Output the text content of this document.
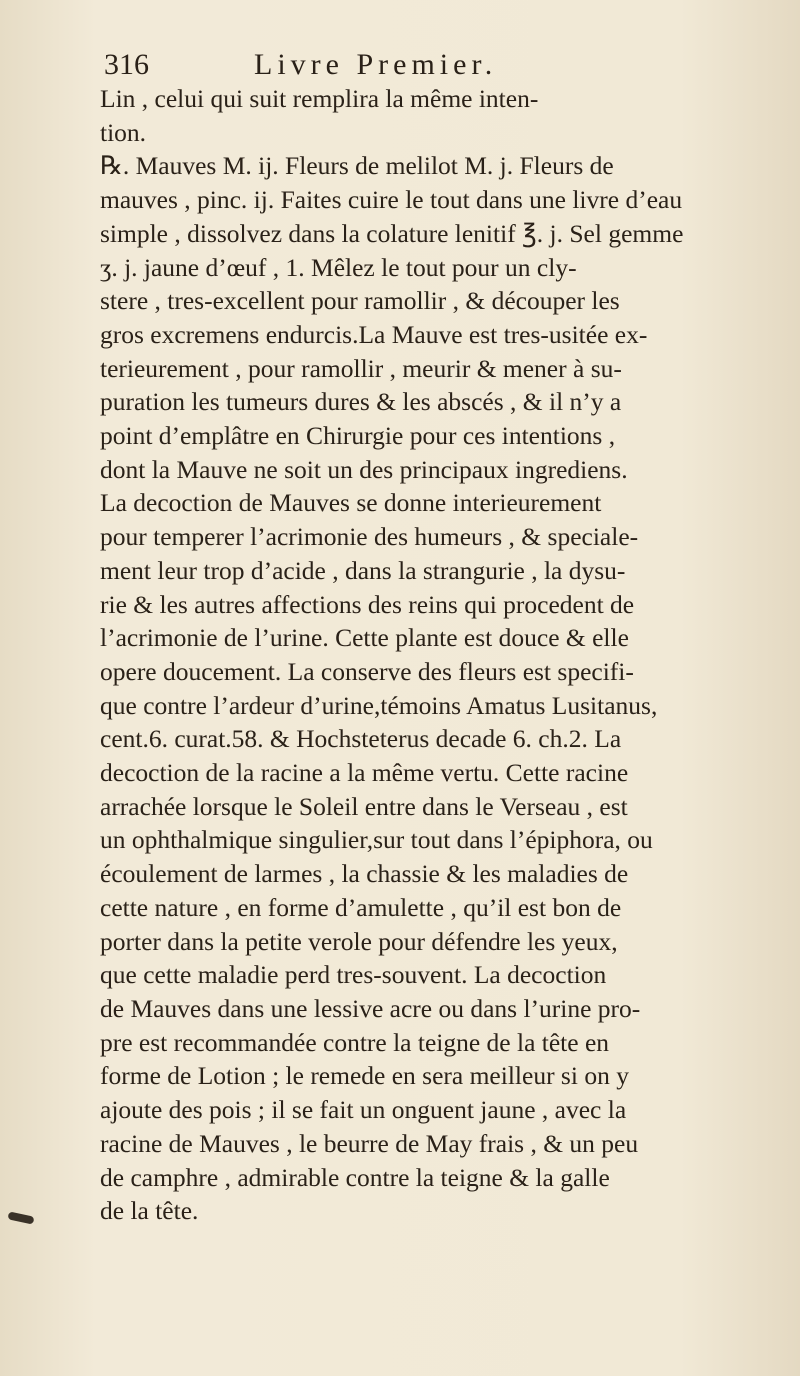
316	Livre Premier.
Lin , celui qui suit remplira la même inten-
tion.
℞. Mauves M. ij. Fleurs de melilot M. j. Fleurs de
mauves , pinc. ij. Faites cuire le tout dans une livre d’eau
simple , dissolvez dans la colature lenitif ℥. j. Sel gemme
ʒ. j. jaune d’œuf , 1. Mêlez le tout pour un cly-
stere , tres-excellent pour ramollir , & découper les
gros excremens endurcis.La Mauve est tres-usitée ex-
terieurement , pour ramollir , meurir & mener à su-
puration les tumeurs dures & les abscés , & il n’y a
point d’emplâtre en Chirurgie pour ces intentions ,
dont la Mauve ne soit un des principaux ingrediens.
La decoction de Mauves se donne interieurement
pour temperer l’acrimonie des humeurs , & speciale-
ment leur trop d’acide , dans la strangurie , la dysu-
rie & les autres affections des reins qui procedent de
l’acrimonie de l’urine. Cette plante est douce & elle
opere doucement. La conserve des fleurs est specifi-
que contre l’ardeur d’urine,témoins Amatus Lusitanus,
cent.6. curat.58. & Hochsteterus decade 6. ch.2. La
decoction de la racine a la même vertu. Cette racine
arrachée lorsque le Soleil entre dans le Verseau , est
un ophthalmique singulier,sur tout dans l’épiphora, ou
écoulement de larmes , la chassie & les maladies de
cette nature , en forme d’amulette , qu’il est bon de
porter dans la petite verole pour défendre les yeux,
que cette maladie perd tres-souvent. La decoction
de Mauves dans une lessive acre ou dans l’urine pro-
pre est recommandée contre la teigne de la tête en
forme de Lotion ; le remede en sera meilleur si on y
ajoute des pois ; il se fait un onguent jaune , avec la
racine de Mauves , le beurre de May frais , & un peu
de camphre , admirable contre la teigne & la galle
de la tête.
